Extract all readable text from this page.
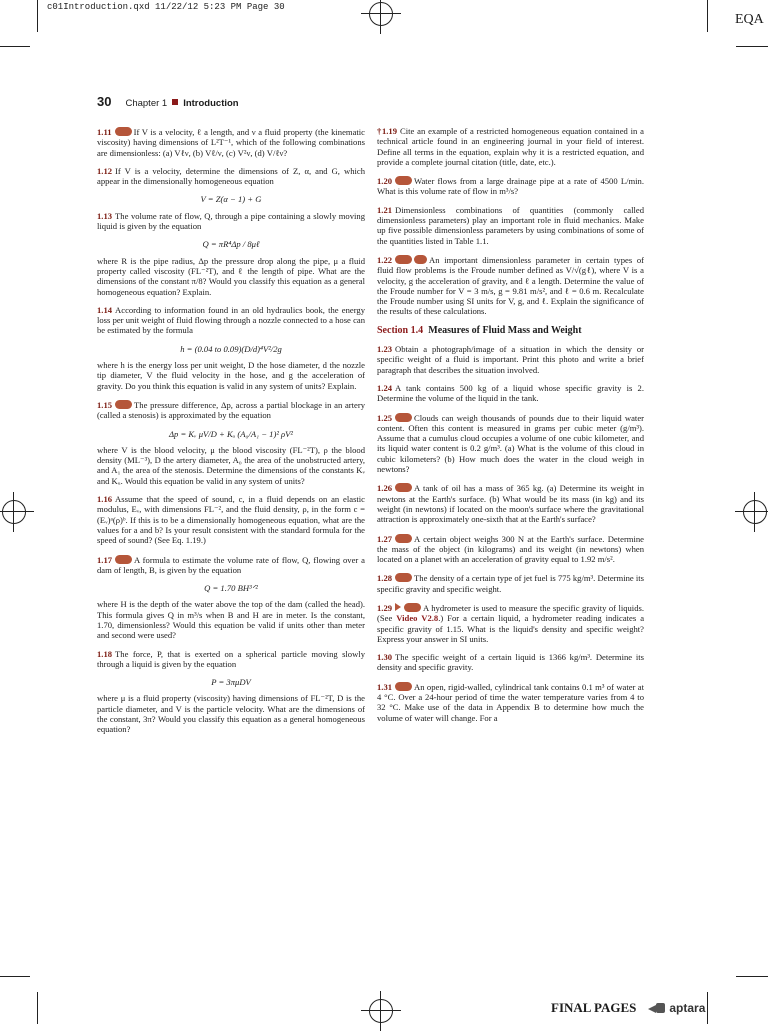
c01Introduction.qxd 11/22/12 5:23 PM Page 30
EQA
30 Chapter 1 Introduction
1.11	If V is a velocity, ℓ a length, and ν a fluid property (the kinematic viscosity) having dimensions of L²T⁻¹, which of the following combinations are dimensionless: (a) Vℓν, (b) Vℓ/ν, (c) V²ν, (d) V/ℓν?
1.12 If V is a velocity, determine the dimensions of Z, α, and G, which appear in the dimensionally homogeneous equation
V = Z(α − 1) + G
1.13 The volume rate of flow, Q, through a pipe containing a slowly moving liquid is given by the equation
Q = πR⁴Δp / 8μℓ
where R is the pipe radius, Δp the pressure drop along the pipe, μ a fluid property called viscosity (FL⁻²T), and ℓ the length of pipe. What are the dimensions of the constant π/8? Would you classify this equation as a general homogeneous equation? Explain.
1.14 According to information found in an old hydraulics book, the energy loss per unit weight of fluid flowing through a nozzle connected to a hose can be estimated by the formula
h = (0.04 to 0.09)(D/d)⁴V²/2g
where h is the energy loss per unit weight, D the hose diameter, d the nozzle tip diameter, V the fluid velocity in the hose, and g the acceleration of gravity. Do you think this equation is valid in any system of units? Explain.
1.15	The pressure difference, Δp, across a partial blockage in an artery (called a stenosis) is approximated by the equation
Δp = Kᵥ μV/D + Kᵤ (A₀/A₁ − 1)² ρV²
where V is the blood velocity, μ the blood viscosity (FL⁻²T), ρ the blood density (ML⁻³), D the artery diameter, A₀ the area of the unobstructed artery, and A₁ the area of the stenosis. Determine the dimensions of the constants Kᵥ and Kᵤ. Would this equation be valid in any system of units?
1.16 Assume that the speed of sound, c, in a fluid depends on an elastic modulus, Eᵥ, with dimensions FL⁻², and the fluid density, ρ, in the form c = (Eᵥ)ᵃ(ρ)ᵇ. If this is to be a dimensionally homogeneous equation, what are the values for a and b? Is your result consistent with the standard formula for the speed of sound? (See Eq. 1.19.)
1.17	A formula to estimate the volume rate of flow, Q, flowing over a dam of length, B, is given by the equation
Q = 1.70 BH³ᐟ²
where H is the depth of the water above the top of the dam (called the head). This formula gives Q in m³/s when B and H are in meter. Is the constant, 1.70, dimensionless? Would this equation be valid if units other than meter and second were used?
1.18 The force, P, that is exerted on a spherical particle moving slowly through a liquid is given by the equation
P = 3πμDV
where μ is a fluid property (viscosity) having dimensions of FL⁻²T, D is the particle diameter, and V is the particle velocity. What are the dimensions of the constant, 3π? Would you classify this equation as a general homogeneous equation?
†1.19 Cite an example of a restricted homogeneous equation contained in a technical article found in an engineering journal in your field of interest. Define all terms in the equation, explain why it is a restricted equation, and provide a complete journal citation (title, date, etc.).
1.20	Water flows from a large drainage pipe at a rate of 4500 L/min. What is this volume rate of flow in m³/s?
1.21 Dimensionless combinations of quantities (commonly called dimensionless parameters) play an important role in fluid mechanics. Make up five possible dimensionless parameters by using combinations of some of the quantities listed in Table 1.1.
1.22	An important dimensionless parameter in certain types of fluid flow problems is the Froude number defined as V/√(gℓ), where V is a velocity, g the acceleration of gravity, and ℓ a length. Determine the value of the Froude number for V = 3 m/s, g = 9.81 m/s², and ℓ = 0.6 m. Recalculate the Froude number using SI units for V, g, and ℓ. Explain the significance of the results of these calculations.
Section 1.4 Measures of Fluid Mass and Weight
1.23 Obtain a photograph/image of a situation in which the density or specific weight of a fluid is important. Print this photo and write a brief paragraph that describes the situation involved.
1.24 A tank contains 500 kg of a liquid whose specific gravity is 2. Determine the volume of the liquid in the tank.
1.25	Clouds can weigh thousands of pounds due to their liquid water content. Often this content is measured in grams per cubic meter (g/m³). Assume that a cumulus cloud occupies a volume of one cubic kilometer, and its liquid water content is 0.2 g/m³. (a) What is the volume of this cloud in cubic kilometers? (b) How much does the water in the cloud weigh in newtons?
1.26	A tank of oil has a mass of 365 kg. (a) Determine its weight in newtons at the Earth's surface. (b) What would be its mass (in kg) and its weight (in newtons) if located on the moon's surface where the gravitational attraction is approximately one-sixth that at the Earth's surface?
1.27	A certain object weighs 300 N at the Earth's surface. Determine the mass of the object (in kilograms) and its weight (in newtons) when located on a planet with an acceleration of gravity equal to 1.92 m/s².
1.28	The density of a certain type of jet fuel is 775 kg/m³. Determine its specific gravity and specific weight.
1.29	A hydrometer is used to measure the specific gravity of liquids. (See Video V2.8.) For a certain liquid, a hydrometer reading indicates a specific gravity of 1.15. What is the liquid's density and specific weight? Express your answer in SI units.
1.30 The specific weight of a certain liquid is 1366 kg/m³. Determine its density and specific gravity.
1.31	An open, rigid-walled, cylindrical tank contains 0.1 m³ of water at 4 °C. Over a 24-hour period of time the water temperature varies from 4 to 32 °C. Make use of the data in Appendix B to determine how much the volume of water will change. For a
FINAL PAGES	aptara
